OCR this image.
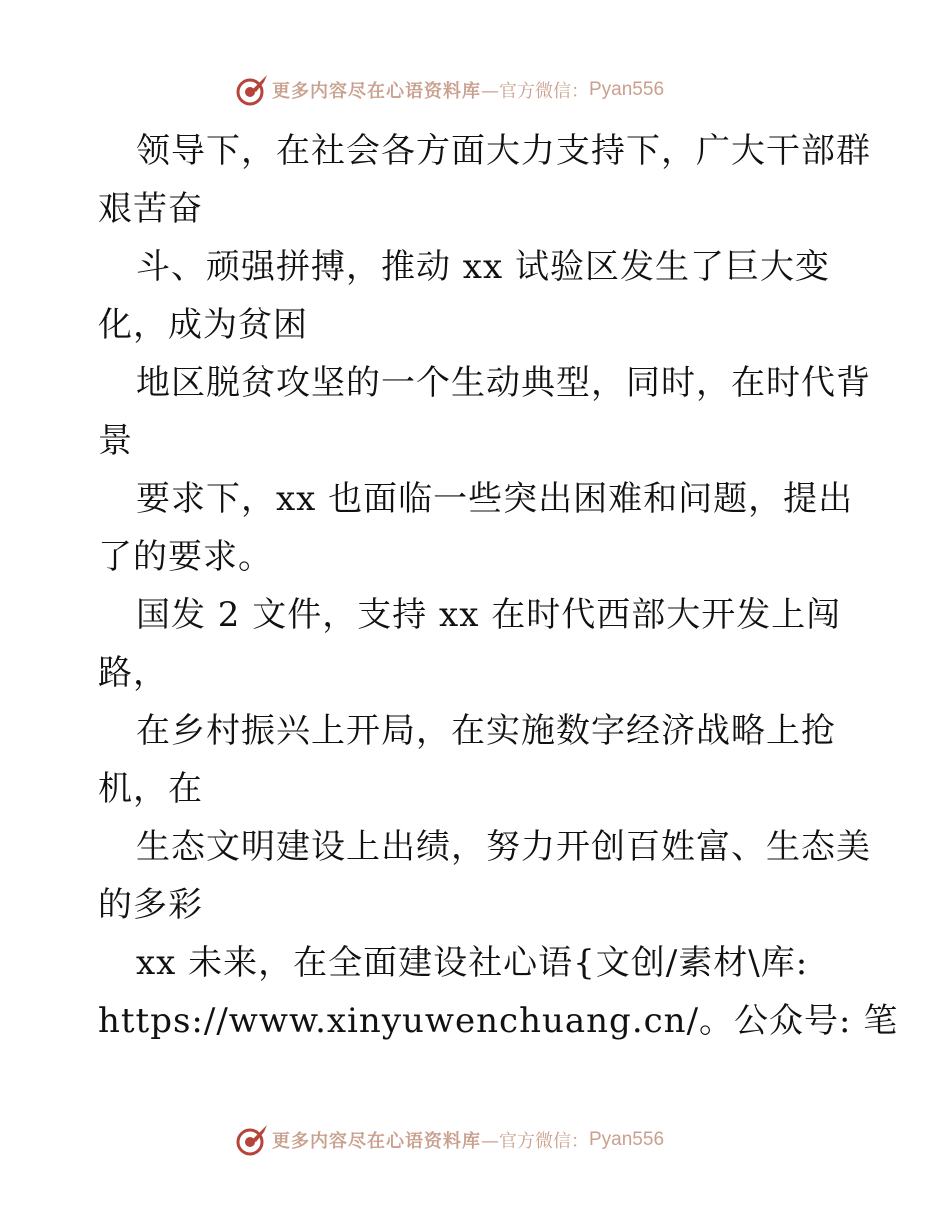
更多内容尽在心语资料库 —官方微信： Pyan556
领导下，在社会各方面大力支持下，广大干部群
艰苦奋
斗、顽强拼搏，推动 xx 试验区发生了巨大变
化，成为贫困
地区脱贫攻坚的一个生动典型，同时，在时代背
景
要求下，xx 也面临一些突出困难和问题，提出
了的要求。
国发 2 文件，支持 xx 在时代西部大开发上闯
路，
在乡村振兴上开局，在实施数字经济战略上抢
机，在
生态文明建设上出绩，努力开创百姓富、生态美
的多彩
xx 未来，在全面建设社心语{文创/素材\库:
https://www.xinyuwenchuang.cn/。公众号: 笔
更多内容尽在心语资料库 —官方微信： Pyan556
